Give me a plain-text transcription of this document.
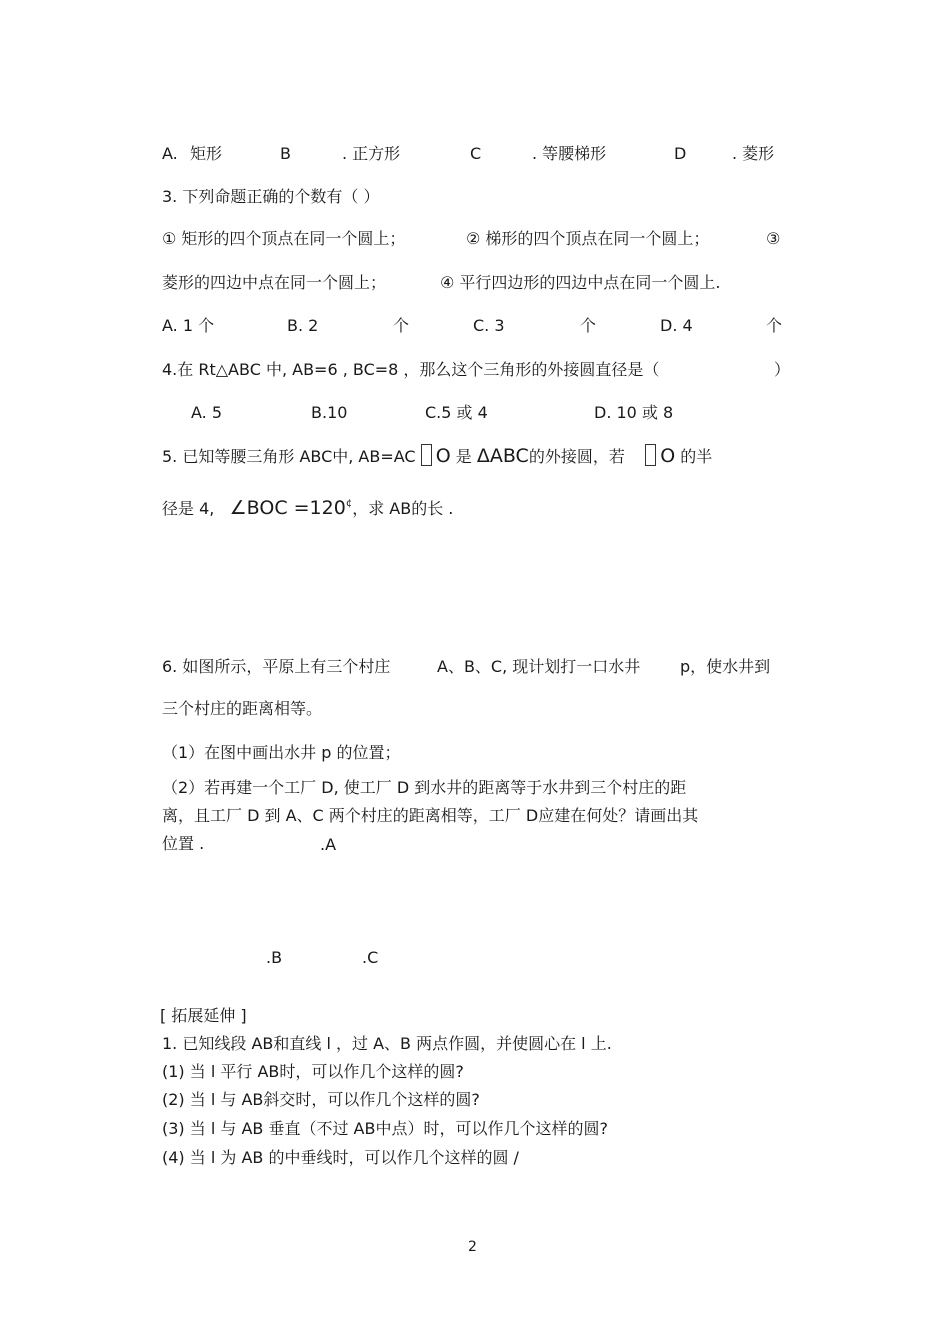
A. 矩形	B	. 正方形	C	. 等腰梯形	D	. 菱形
3. 下列命题正确的个数有（ ）
① 矩形的四个顶点在同一个圆上；	② 梯形的四个顶点在同一个圆上；	③
菱形的四边中点在同一个圆上；	④ 平行四边形的四边中点在同一个圆上.
A. 1 个	B. 2	个	C. 3	个	D. 4	个
4.在 Rt△ABC 中, AB=6 , BC=8 ，那么这个三角形的外接圆直径是（	）
A. 5	B.10	C.5 或 4	D. 10 或 8
5. 已知等腰三角形 ABC中, AB=AC O 是 ΔABC的外接圆，若 O 的半
径是 4, ∠BOC =120¢，求 AB的长 .
6. 如图所示，平原上有三个村庄	A、B、C, 现计划打一口水井 p，使水井到
三个村庄的距离相等。
（1）在图中画出水井 p 的位置；
（2）若再建一个工厂 D, 使工厂 D 到水井的距离等于水井到三个村庄的距
离，且工厂 D 到 A、C 两个村庄的距离相等，工厂 D应建在何处？请画出其
位置 .	.A
.B	.C
[ 拓展延伸 ]
1. 已知线段 AB和直线 l ，过 A、B 两点作圆，并使圆心在 l 上.
(1) 当 l 平行 AB时，可以作几个这样的圆?
(2) 当 l 与 AB斜交时，可以作几个这样的圆?
(3) 当 l 与 AB 垂直（不过 AB中点）时，可以作几个这样的圆?
(4) 当 l 为 AB 的中垂线时，可以作几个这样的圆 /
2
